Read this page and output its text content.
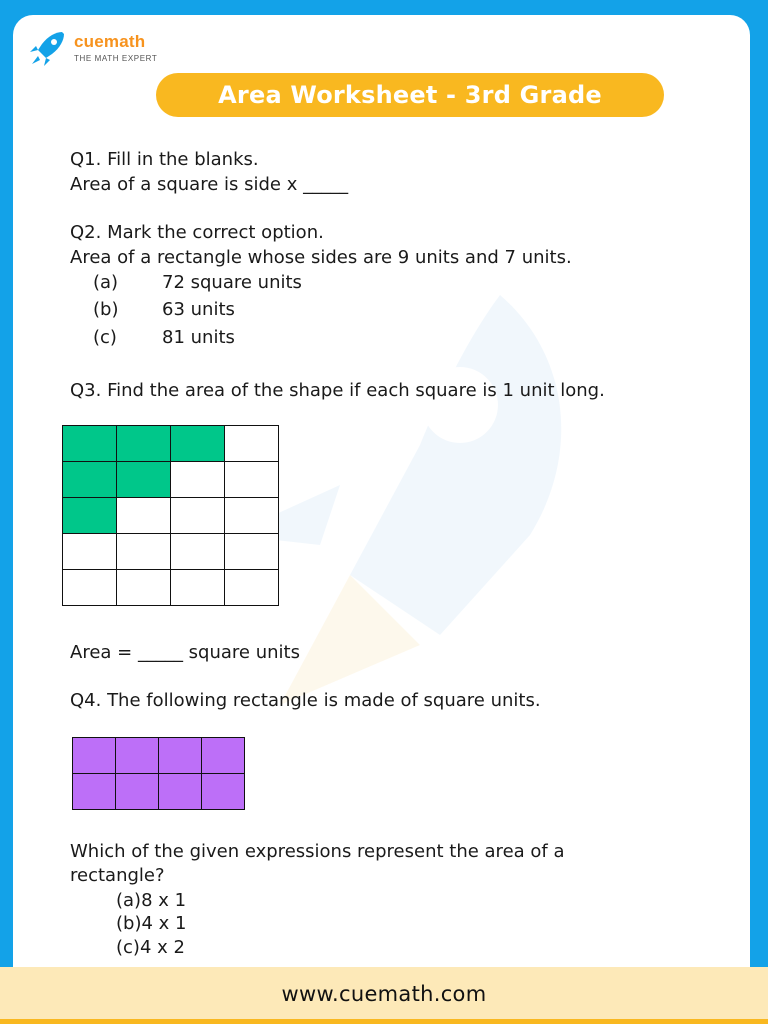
cuemath
THE MATH EXPERT
Area Worksheet - 3rd Grade
Q1. Fill in the blanks.
Area of a square is side x _____
Q2. Mark the correct option.
Area of a rectangle whose sides are 9 units and 7 units.
(a) 72 square units
(b) 63 units
(c)	81 units
Q3. Find the area of the shape if each square is 1 unit long.

Area = _____ square units
Q4. The following rectangle is made of square units.

Which of the given expressions represent the area of a
rectangle?
(a)8 x 1
(b)4 x 1
(c)4 x 2
www.cuemath.com
